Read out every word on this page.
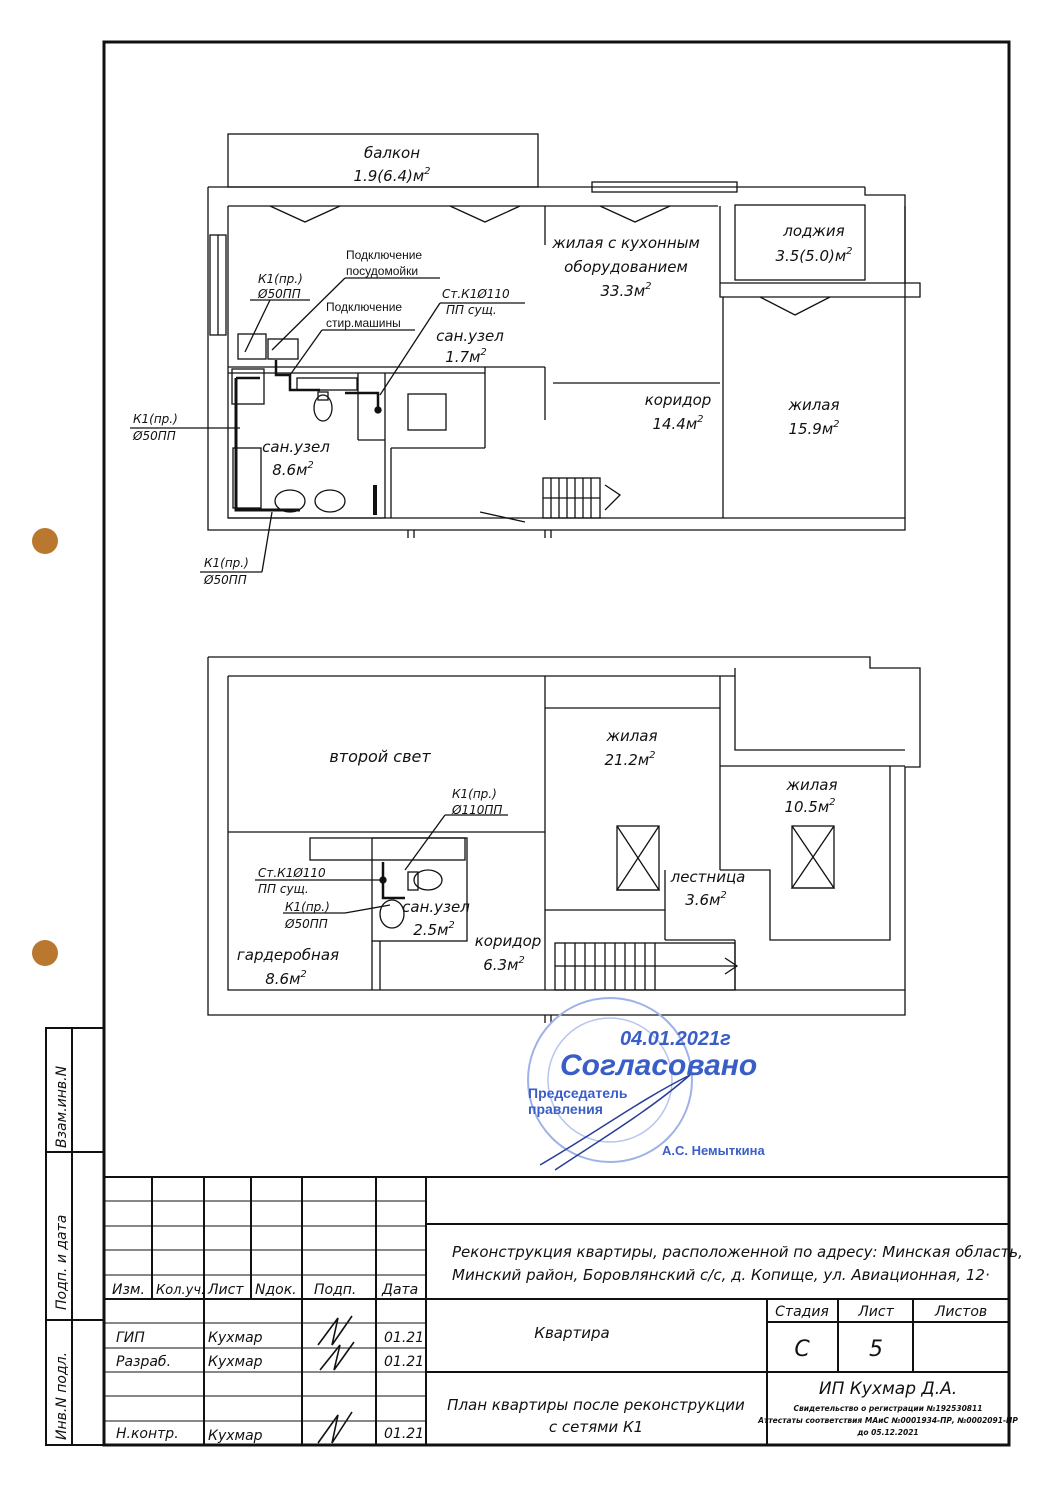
балкон
$1.9(6.4)м^2$
жилая с кухонным
оборудованием
$33.3м^2$
лоджия
$3.5(5.0)м^2$
жилая
$15.9м^2$
коридор
$14.4м^2$
сан.узел
$1.7м^2$
сан.узел
$8.6м^2$
Подключение
посудомойки
Подключение
стир.машины
К1(пр.)
Ø50ПП
К1(пр.)
Ø50ПП
К1(пр.)
Ø50ПП
Ст.К1Ø110
ПП сущ.
второй свет
жилая
$21.2м^2$
жилая
$10.5м^2$
лестница
$3.6м^2$
сан.узел
$2.5м^2$
коридор
$6.3м^2$
гардеробная
$8.6м^2$
К1(пр.)
Ø110ПП
Ст.К1Ø110
ПП сущ.
К1(пр.)
Ø50ПП
04.01.2021г
Согласовано
Председатель
правления
А.С. Немыткина
Взам.инв.N
Подп. и дата
Инв.N подл.
Реконструкция квартиры, расположенной по адресу: Минская область,
Минский район, Боровлянский с/с, д. Копище, ул. Авиационная, 12·
Изм. Кол.уч. Лист Nдок. Подп. Дата
ГИП	Кухмар	01.21
Разраб.	Кухмар	01.21
Н.контр. Кухмар	01.21
Квартира
Стадия Лист	Листов
С	5
План квартиры после реконструкции
с сетями К1
ИП Кухмар Д.А.
Свидетельство о регистрации №192530811
Аттестаты соответствия МАиС №0001934-ПР, №0002091-ПР
до 05.12.2021
